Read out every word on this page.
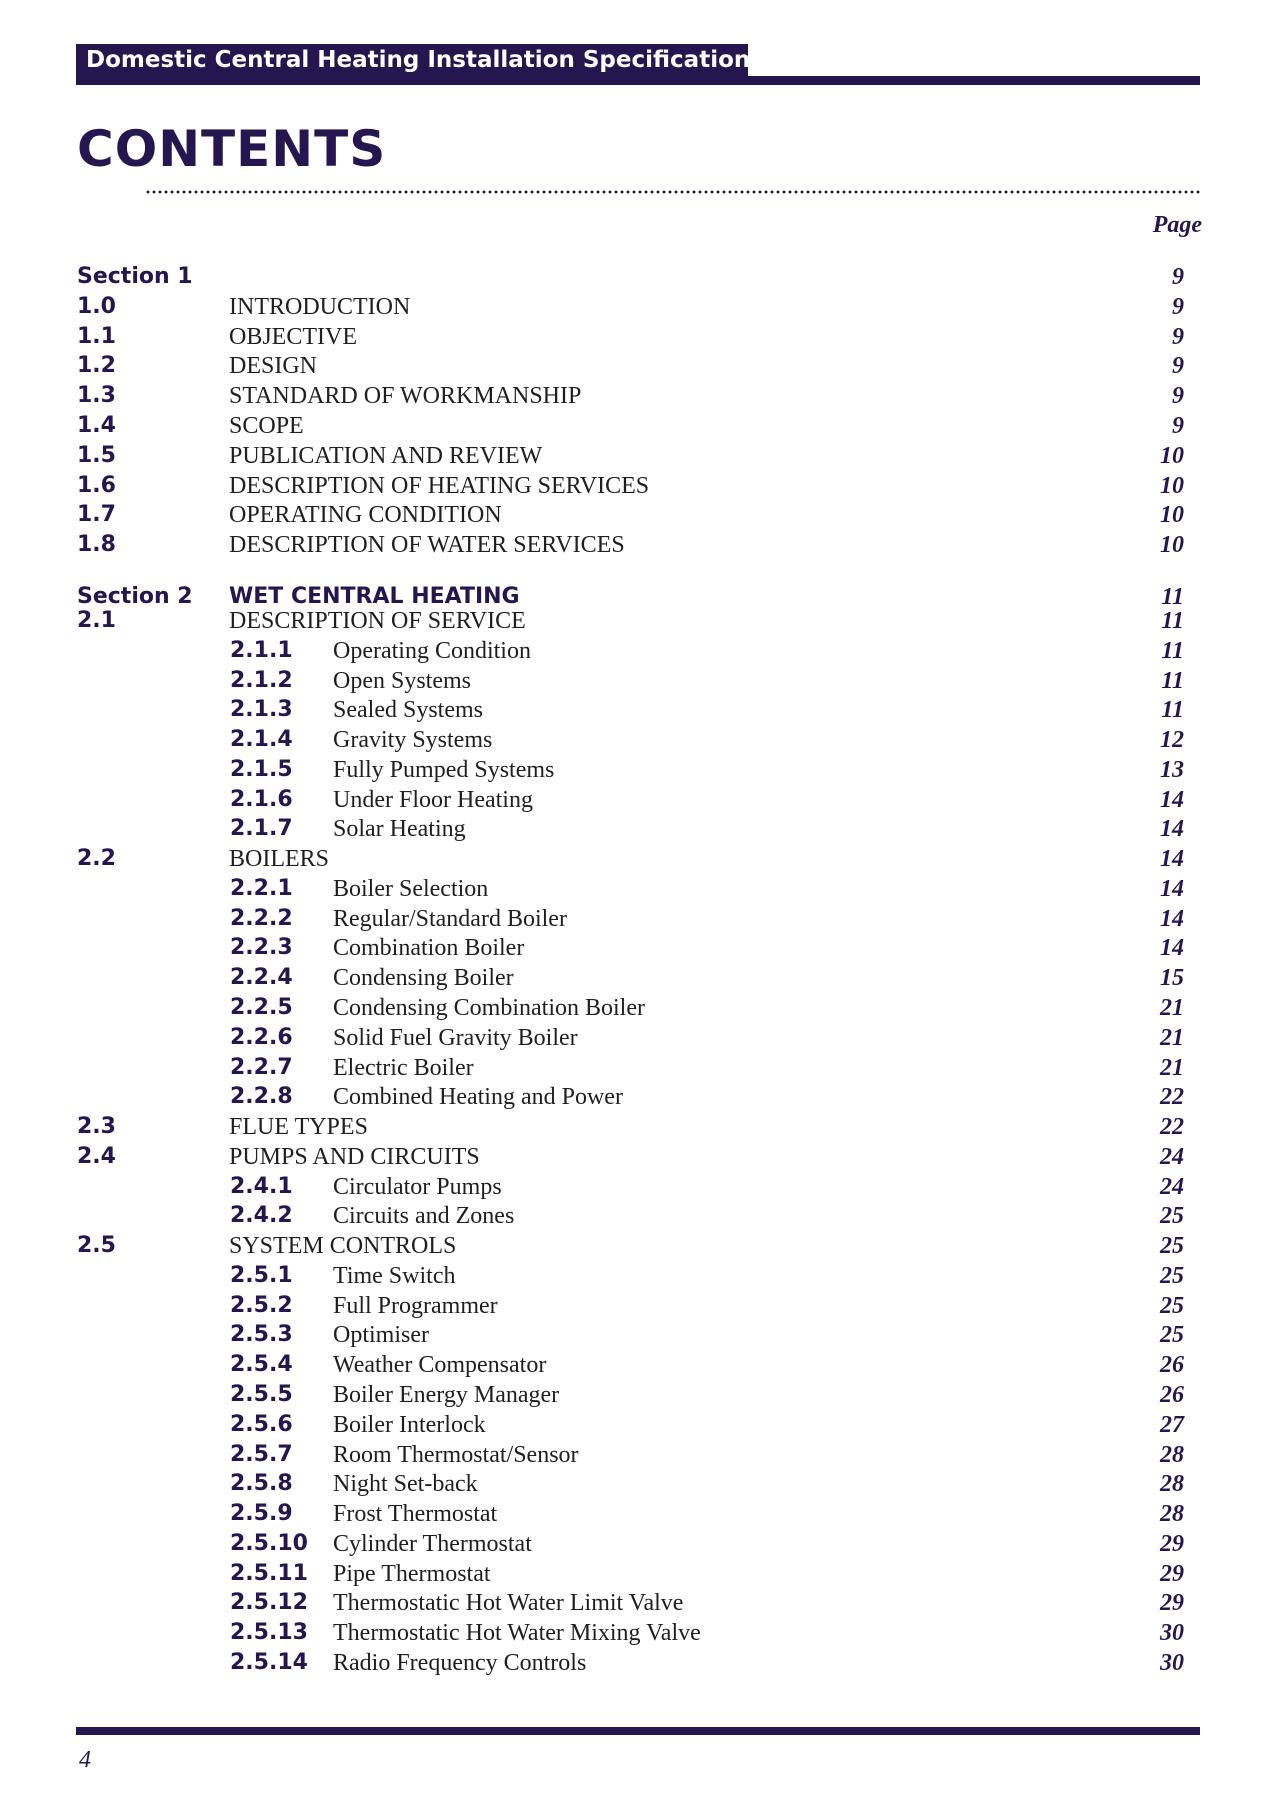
Domestic Central Heating Installation Specification
CONTENTS
Page
Section 1	9
1.0	INTRODUCTION	9
1.1	OBJECTIVE	9
1.2	DESIGN	9
1.3	STANDARD OF WORKMANSHIP	9
1.4	SCOPE	9
1.5	PUBLICATION AND REVIEW	10
1.6	DESCRIPTION OF HEATING SERVICES	10
1.7	OPERATING CONDITION	10
1.8	DESCRIPTION OF WATER SERVICES	10
Section 2 WET CENTRAL HEATING	11
2.1	DESCRIPTION OF SERVICE	11
2.1.1 Operating Condition	11
2.1.2 Open Systems	11
2.1.3 Sealed Systems	11
2.1.4 Gravity Systems	12
2.1.5 Fully Pumped Systems	13
2.1.6 Under Floor Heating	14
2.1.7 Solar Heating	14
2.2	BOILERS	14
2.2.1 Boiler Selection	14
2.2.2 Regular/Standard Boiler	14
2.2.3 Combination Boiler	14
2.2.4 Condensing Boiler	15
2.2.5 Condensing Combination Boiler	21
2.2.6 Solid Fuel Gravity Boiler	21
2.2.7 Electric Boiler	21
2.2.8 Combined Heating and Power	22
2.3	FLUE TYPES	22
2.4	PUMPS AND CIRCUITS	24
2.4.1 Circulator Pumps	24
2.4.2 Circuits and Zones	25
2.5	SYSTEM CONTROLS	25
2.5.1 Time Switch	25
2.5.2 Full Programmer	25
2.5.3 Optimiser	25
2.5.4 Weather Compensator	26
2.5.5 Boiler Energy Manager	26
2.5.6 Boiler Interlock	27
2.5.7 Room Thermostat/Sensor	28
2.5.8 Night Set-back	28
2.5.9 Frost Thermostat	28
2.5.10 Cylinder Thermostat	29
2.5.11 Pipe Thermostat	29
2.5.12 Thermostatic Hot Water Limit Valve	29
2.5.13 Thermostatic Hot Water Mixing Valve	30
2.5.14 Radio Frequency Controls	30
4
